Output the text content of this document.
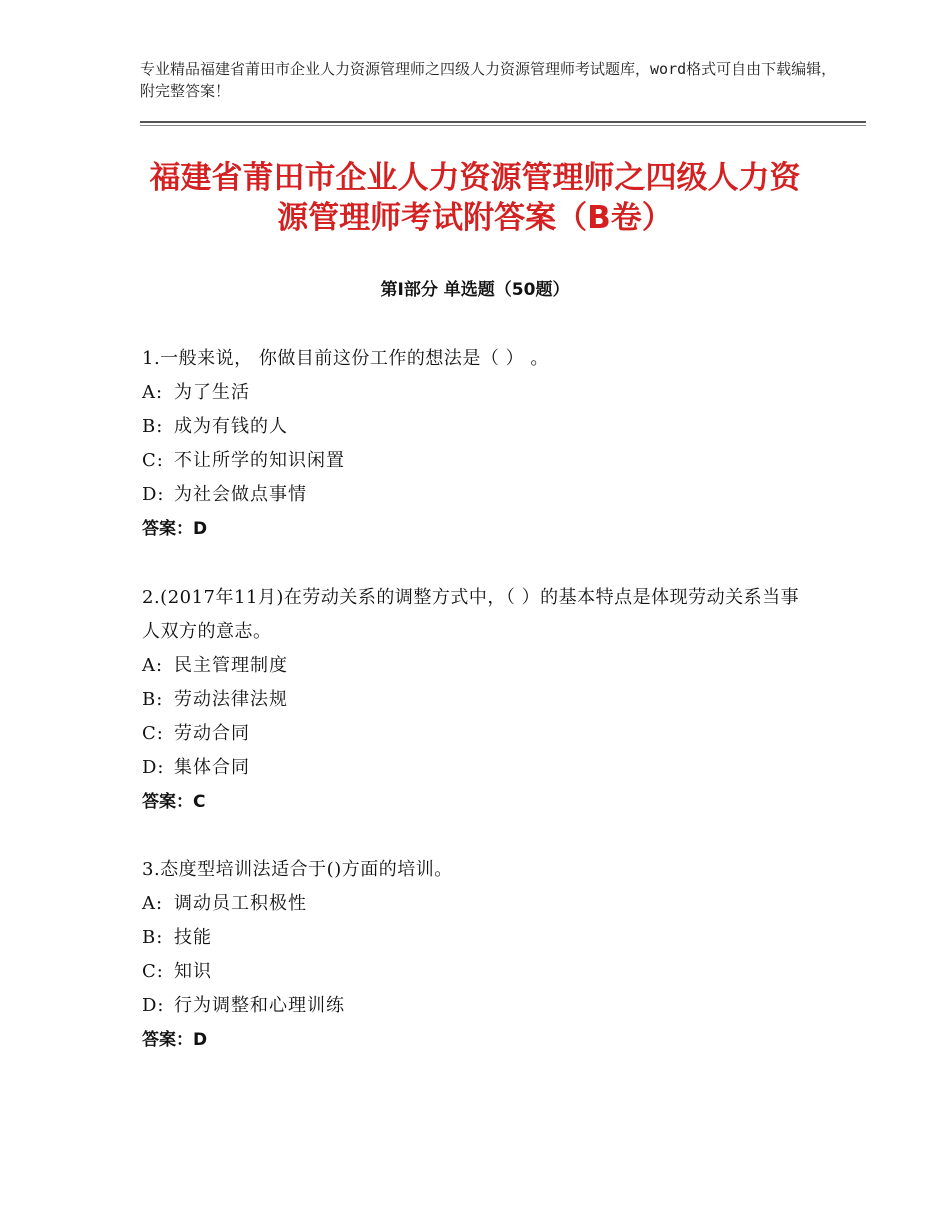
专业精品福建省莆田市企业人力资源管理师之四级人力资源管理师考试题库，word格式可自由下载编辑，附完整答案！

福建省莆田市企业人力资源管理师之四级人力资源管理师考试附答案（B卷）
第Ⅰ部分 单选题（50题）

1.一般来说， 你做目前这份工作的想法是（ ） 。

A: 为了生活

B: 成为有钱的人

C: 不让所学的知识闲置

D: 为社会做点事情

答案：D

2.(2017年11月)在劳动关系的调整方式中，（ ）的基本特点是体现劳动关系当事人双方的意志。

A: 民主管理制度

B: 劳动法律法规

C: 劳动合同

D: 集体合同

答案：C

3.态度型培训法适合于()方面的培训。

A: 调动员工积极性

B: 技能

C: 知识

D: 行为调整和心理训练

答案：D
